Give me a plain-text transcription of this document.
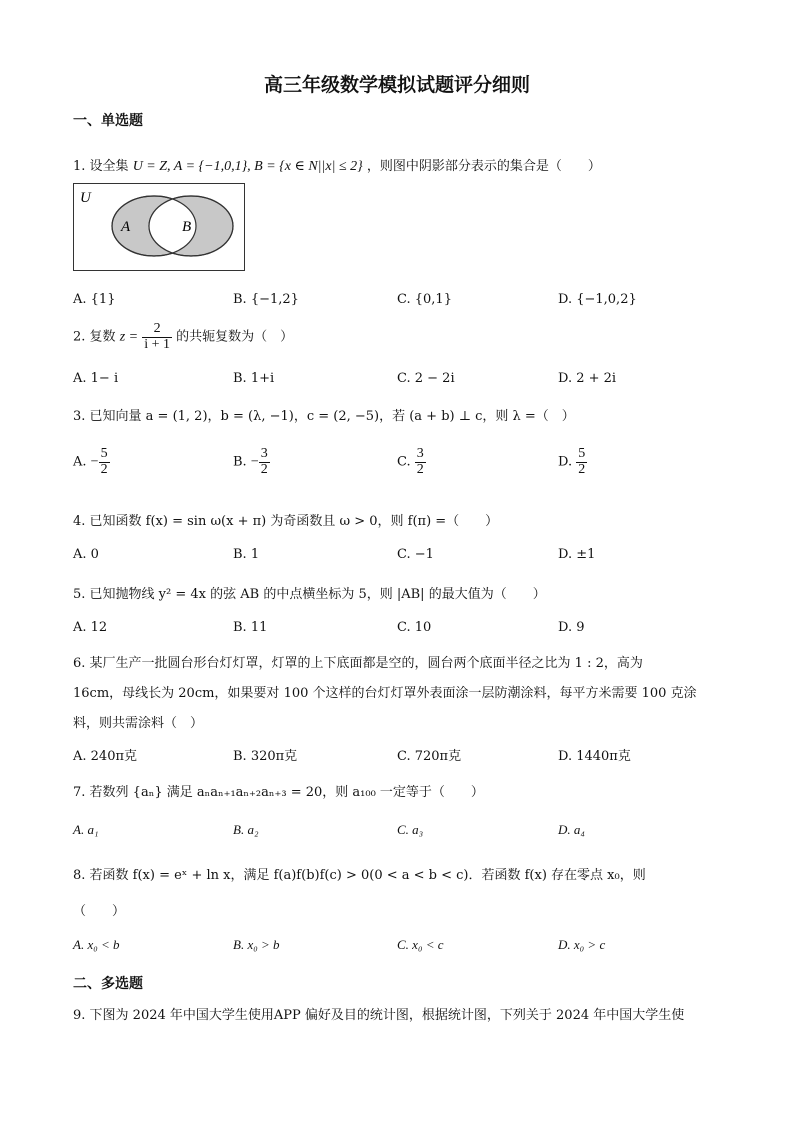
高三年级数学模拟试题评分细则
一、单选题
1. 设全集 U = Z, A = {−1,0,1}, B = {x ∈ N||x| ≤ 2} ，则图中阴影部分表示的集合是（　　）
U
A	B
A. {1}	B. {−1,2}	C. {0,1}	D. {−1,0,2}
2. 复数 $z = \frac{2}{i + 1}$ 的共轭复数为（　）
A. 1− i	B. 1+i	C. 2 − 2i	D. 2 + 2i
3. 已知向量 a = (1, 2)，b = (λ, −1)，c = (2, −5)，若 (a + b) ⊥ c，则 λ =（　）
A. − $\frac{5}{2}$	B. − $\frac{3}{2}$	C. $\frac{3}{2}$	D. $\frac{5}{2}$
4. 已知函数 f(x) = sin ω(x + π) 为奇函数且 ω > 0，则 f(π) =（　　）
A. 0	B. 1	C. −1	D. ±1
5. 已知抛物线 y² = 4x 的弦 AB 的中点横坐标为 5，则 |AB| 的最大值为（　　）
A. 12	B. 11	C. 10	D. 9
6. 某厂生产一批圆台形台灯灯罩，灯罩的上下底面都是空的，圆台两个底面半径之比为 1 : 2，高为
16cm，母线长为 20cm，如果要对 100 个这样的台灯灯罩外表面涂一层防潮涂料，每平方米需要 100 克涂
料，则共需涂料（　）
A. 240π克	B. 320π克	C. 720π克	D. 1440π克
7. 若数列 {aₙ} 满足 aₙaₙ₊₁aₙ₊₂aₙ₊₃ = 20，则 a₁₀₀ 一定等于（　　）
A. a₁	B. a₂	C. a₃	D. a₄
8. 若函数 f(x) = eˣ + ln x，满足 f(a)f(b)f(c) > 0(0 < a < b < c)．若函数 f(x) 存在零点 x₀，则
（　　）
A. x₀ < b	B. x₀ > b	C. x₀ < c	D. x₀ > c
二、多选题
9. 下图为 2024 年中国大学生使用APP 偏好及目的统计图，根据统计图，下列关于 2024 年中国大学生使
